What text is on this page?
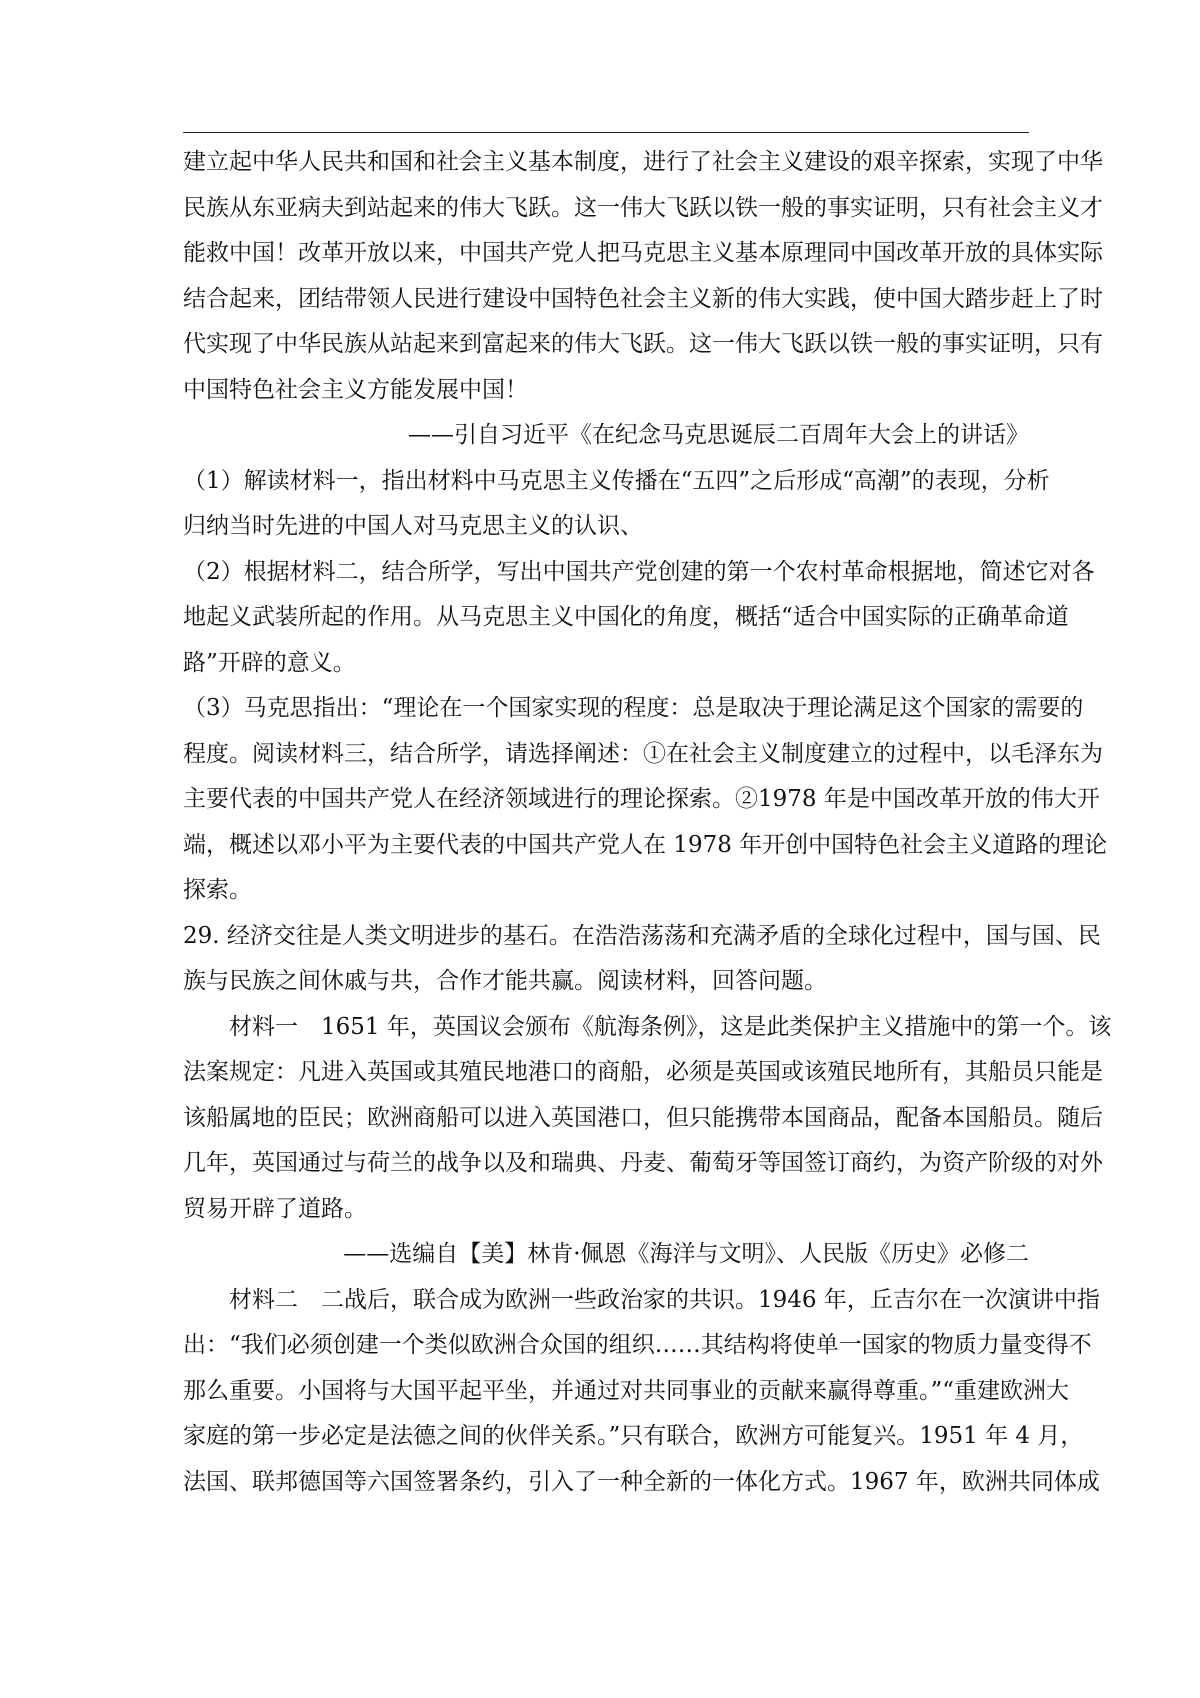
建立起中华人民共和国和社会主义基本制度，进行了社会主义建设的艰辛探索，实现了中华
民族从东亚病夫到站起来的伟大飞跃。这一伟大飞跃以铁一般的事实证明，只有社会主义才
能救中国！改革开放以来，中国共产党人把马克思主义基本原理同中国改革开放的具体实际
结合起来，团结带领人民进行建设中国特色社会主义新的伟大实践，使中国大踏步赶上了时
代实现了中华民族从站起来到富起来的伟大飞跃。这一伟大飞跃以铁一般的事实证明，只有
中国特色社会主义方能发展中国！
——引自习近平《在纪念马克思诞辰二百周年大会上的讲话》
（1）解读材料一，指出材料中马克思主义传播在“五四”之后形成“高潮”的表现，分析
归纳当时先进的中国人对马克思主义的认识、
（2）根据材料二，结合所学，写出中国共产党创建的第一个农村革命根据地，简述它对各
地起义武装所起的作用。从马克思主义中国化的角度，概括“适合中国实际的正确革命道
路”开辟的意义。
（3）马克思指出：“理论在一个国家实现的程度：总是取决于理论满足这个国家的需要的
程度。阅读材料三，结合所学，请选择阐述：①在社会主义制度建立的过程中，以毛泽东为
主要代表的中国共产党人在经济领域进行的理论探索。②1978 年是中国改革开放的伟大开
端，概述以邓小平为主要代表的中国共产党人在 1978 年开创中国特色社会主义道路的理论
探索。
29. 经济交往是人类文明进步的基石。在浩浩荡荡和充满矛盾的全球化过程中，国与国、民
族与民族之间休戚与共，合作才能共赢。阅读材料，回答问题。
材料一　1651 年，英国议会颁布《航海条例》，这是此类保护主义措施中的第一个。该
法案规定：凡进入英国或其殖民地港口的商船，必须是英国或该殖民地所有，其船员只能是
该船属地的臣民；欧洲商船可以进入英国港口，但只能携带本国商品，配备本国船员。随后
几年，英国通过与荷兰的战争以及和瑞典、丹麦、葡萄牙等国签订商约，为资产阶级的对外
贸易开辟了道路。
——选编自【美】林肯·佩恩《海洋与文明》、人民版《历史》必修二
材料二　二战后，联合成为欧洲一些政治家的共识。1946 年，丘吉尔在一次演讲中指
出：“我们必须创建一个类似欧洲合众国的组织……其结构将使单一国家的物质力量变得不
那么重要。小国将与大国平起平坐，并通过对共同事业的贡献来赢得尊重。”“重建欧洲大
家庭的第一步必定是法德之间的伙伴关系。”只有联合，欧洲方可能复兴。1951 年 4 月，
法国、联邦德国等六国签署条约，引入了一种全新的一体化方式。1967 年，欧洲共同体成
